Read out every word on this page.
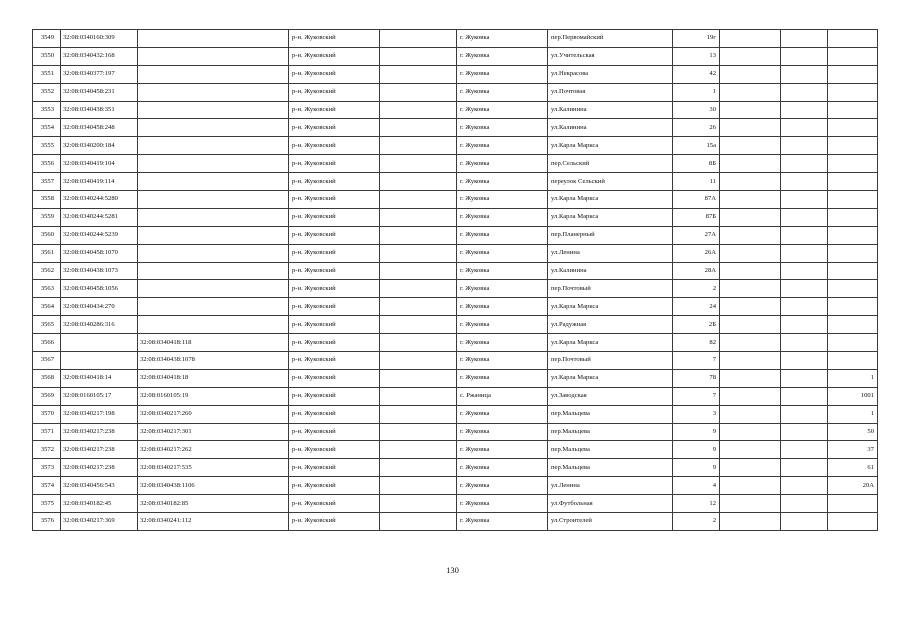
3549	32:08:0340160:309		р-н. Жуковский		г. Жуковка	пер.Первомайский	19г			
3550	32:08:0340432:168		р-н. Жуковский		г. Жуковка	ул.Учительская	13			
3551	32:08:0340377:197		р-н. Жуковский		г. Жуковка	ул.Некрасова	42			
3552	32:08:0340458:231		р-н. Жуковский		г. Жуковка	ул.Почтовая	1			
3553	32:08:0340438:351		р-н. Жуковский		г. Жуковка	ул.Калинина	30			
3554	32:08:0340458:248		р-н. Жуковский		г. Жуковка	ул.Калинина	26			
3555	32:08:0340200:184		р-н. Жуковский		г. Жуковка	ул.Карла Маркса	15а			
3556	32:08:0340419:104		р-н. Жуковский		г. Жуковка	пер.Сельский	8Б			
3557	32:08:0340419:114		р-н. Жуковский		г. Жуковка	переулок Сельский	11			
3558	32:08:0340244:5280		р-н. Жуковский		г. Жуковка	ул.Карла Маркса	87А			
3559	32:08:0340244:5281		р-н. Жуковский		г. Жуковка	ул.Карла Маркса	87Б			
3560	32:08:0340244:5239		р-н. Жуковский		г. Жуковка	пер.Планерный	27А			
3561	32:08:0340458:1070		р-н. Жуковский		г. Жуковка	ул.Ленина	26А			
3562	32:08:0340438:1073		р-н. Жуковский		г. Жуковка	ул.Калинина	28А			
3563	32:08:0340458:1056		р-н. Жуковский		г. Жуковка	пер.Почтовый	2			
3564	32:08:0340434:270		р-н. Жуковский		г. Жуковка	ул.Карла Маркса	24			
3565	32:08:0340286:316		р-н. Жуковский		г. Жуковка	ул.Радужная	2Б			
3566		32:08:0340418:118	р-н. Жуковский		г. Жуковка	ул.Карла Маркса	82			
3567		32:08:0340438:1078	р-н. Жуковский		г. Жуковка	пер.Почтовый	7			
3568	32:08:0340418:14	32:08:0340418:18	р-н. Жуковский		г. Жуковка	ул.Карла Маркса	78			1
3569	32:08:0160105:17	32:08:0160105:19	р-н. Жуковский		с. Ржаница	ул.Заводская	7			1001
3570	32:08:0340217:198	32:08:0340217:260	р-н. Жуковский		г. Жуковка	пер.Мальцева	3			1
3571	32:08:0340217:238	32:08:0340217:301	р-н. Жуковский		г. Жуковка	пер.Мальцева	9			50
3572	32:08:0340217:238	32:08:0340217:262	р-н. Жуковский		г. Жуковка	пер.Мальцева	9			37
3573	32:08:0340217:238	32:08:0340217:535	р-н. Жуковский		г. Жуковка	пер.Мальцева	9			61
3574	32:08:0340456:543	32:08:0340438:1106	р-н. Жуковский		г. Жуковка	ул.Ленина	4			20А
3575	32:08:0340182:45	32:08:0340182:85	р-н. Жуковский		г. Жуковка	ул.Футбольная	12			
3576	32:08:0340217:369	32:08:0340241:112	р-н. Жуковский		г. Жуковка	ул.Строителей	2			
130
